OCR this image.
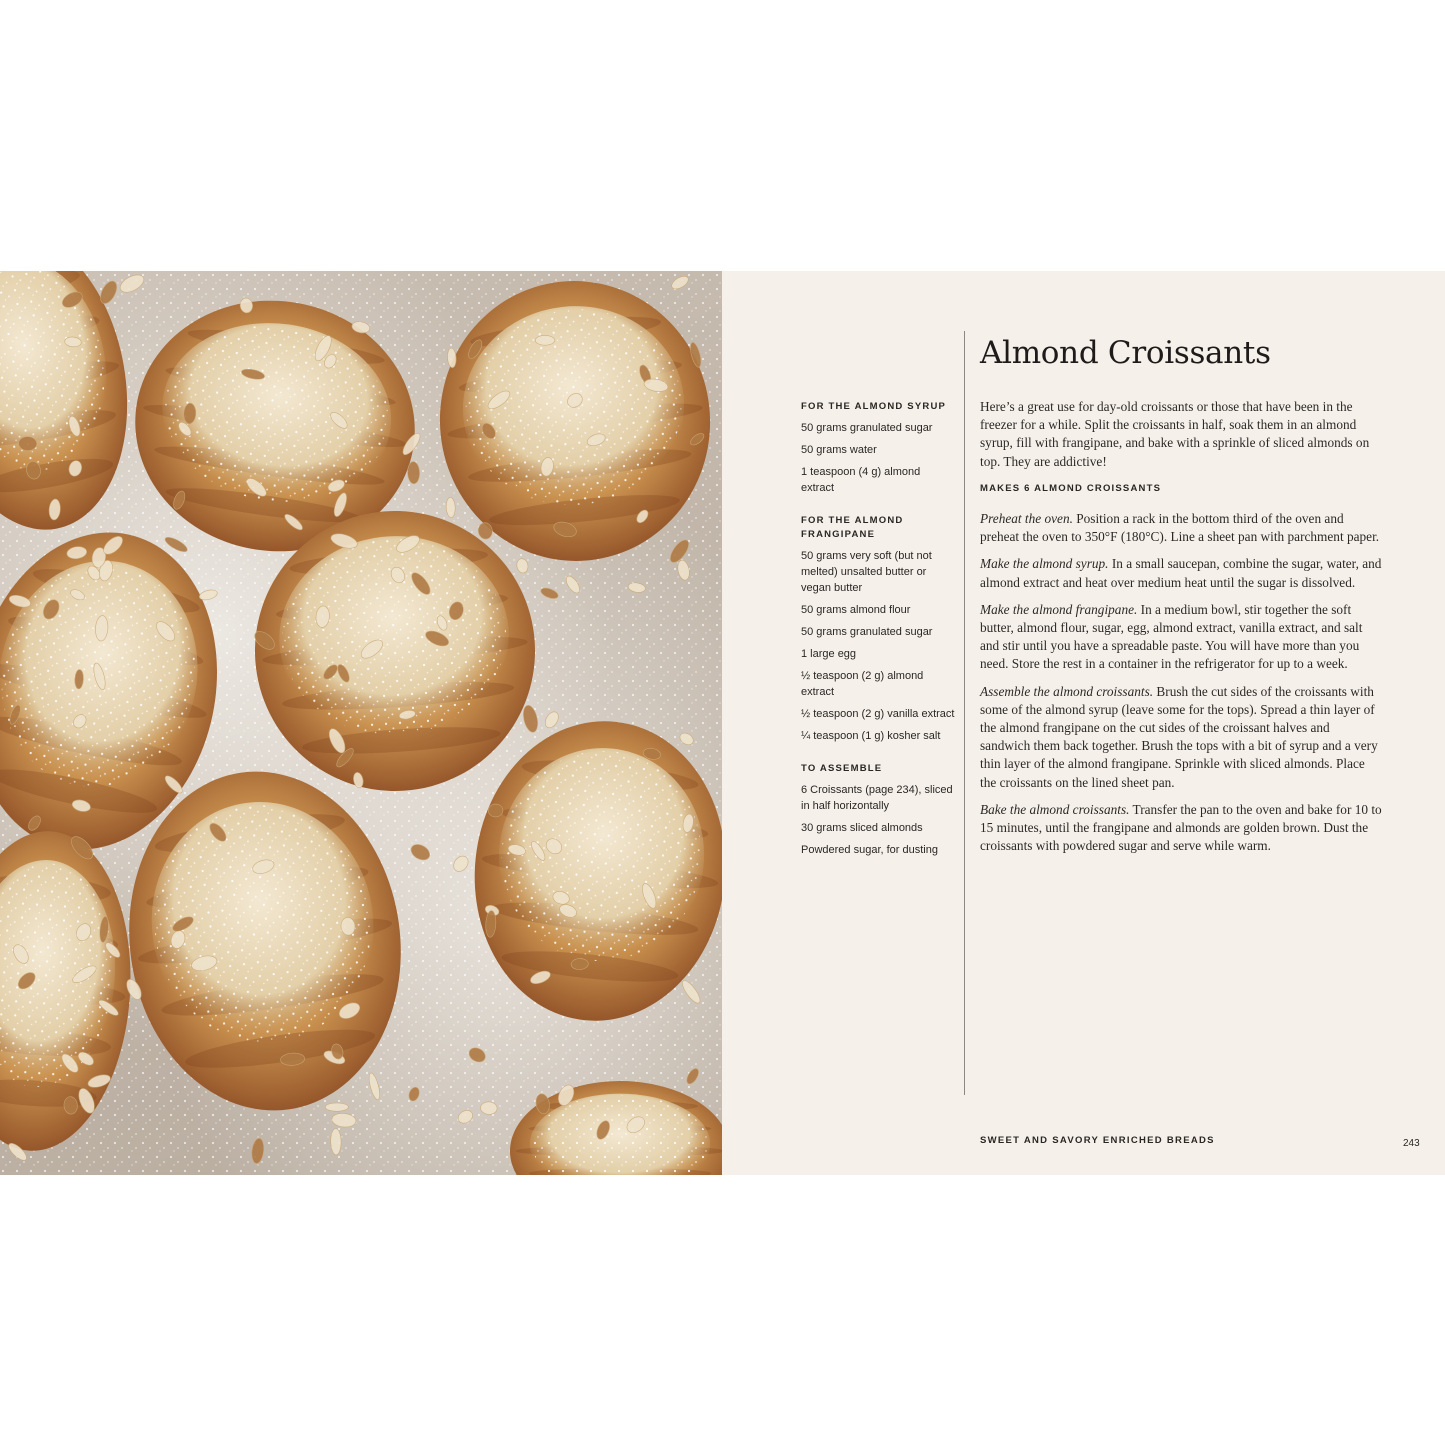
FOR THE ALMOND SYRUP
50 grams granulated sugar
50 grams water
1 teaspoon (4 g) almond extract
FOR THE ALMOND FRANGIPANE
50 grams very soft (but not melted) unsalted butter or vegan butter
50 grams almond flour
50 grams granulated sugar
1 large egg
½ teaspoon (2 g) almond extract
½ teaspoon (2 g) vanilla extract
¼ teaspoon (1 g) kosher salt
TO ASSEMBLE
6 Croissants (page 234), sliced in half horizontally
30 grams sliced almonds
Powdered sugar, for dusting
Almond Croissants

Here’s a great use for day-old croissants or those that have been in the freezer for a while. Split the croissants in half, soak them in an almond syrup, fill with frangipane, and bake with a sprinkle of sliced almonds on top. They are addictive!

MAKES 6 ALMOND CROISSANTS

Preheat the oven. Position a rack in the bottom third of the oven and preheat the oven to 350°F (180°C). Line a sheet pan with parchment paper.

Make the almond syrup. In a small saucepan, combine the sugar, water, and almond extract and heat over medium heat until the sugar is dissolved.

Make the almond frangipane. In a medium bowl, stir together the soft butter, almond flour, sugar, egg, almond extract, vanilla extract, and salt and stir until you have a spreadable paste. You will have more than you need. Store the rest in a container in the refrigerator for up to a week.

Assemble the almond croissants. Brush the cut sides of the croissants with some of the almond syrup (leave some for the tops). Spread a thin layer of the almond frangipane on the cut sides of the croissant halves and sandwich them back together. Brush the tops with a bit of syrup and a very thin layer of the almond frangipane. Sprinkle with sliced almonds. Place the croissants on the lined sheet pan.

Bake the almond croissants. Transfer the pan to the oven and bake for 10 to 15 minutes, until the frangipane and almonds are golden brown. Dust the croissants with powdered sugar and serve while warm.

SWEET AND SAVORY ENRICHED BREADS	243
